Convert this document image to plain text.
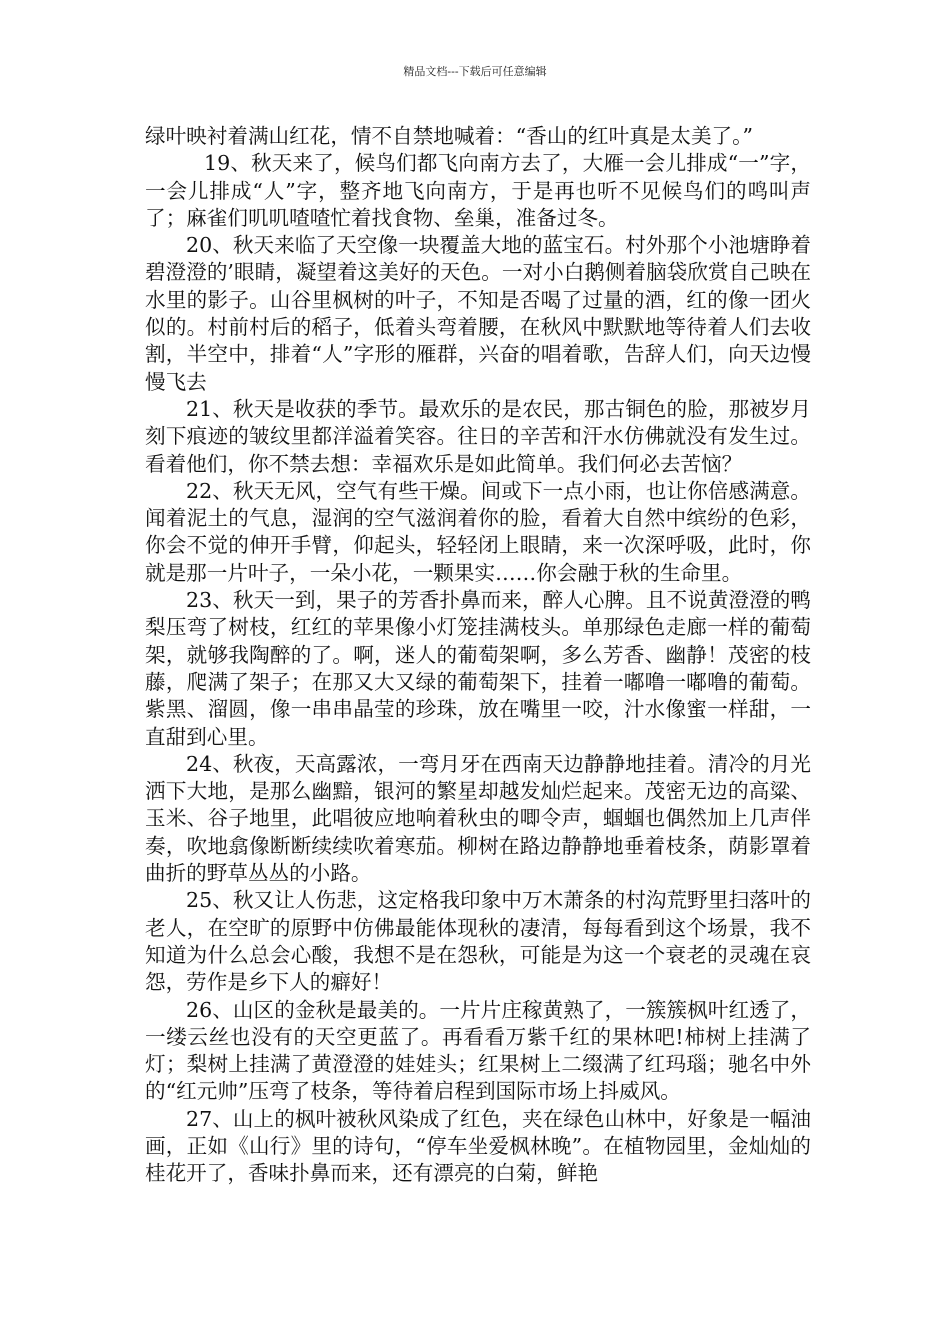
精品文档---下载后可任意编辑

绿叶映衬着满山红花，情不自禁地喊着：“香山的红叶真是太美了。”

19、秋天来了，候鸟们都飞向南方去了，大雁一会儿排成“一”字，一会儿排成“人”字，整齐地飞向南方，于是再也听不见候鸟们的鸣叫声了；麻雀们叽叽喳喳忙着找食物、垒巢，准备过冬。

20、秋天来临了天空像一块覆盖大地的蓝宝石。村外那个小池塘睁着碧澄澄的’眼睛，凝望着这美好的天色。一对小白鹅侧着脑袋欣赏自己映在水里的影子。山谷里枫树的叶子，不知是否喝了过量的酒，红的像一团火似的。村前村后的稻子，低着头弯着腰，在秋风中默默地等待着人们去收割，半空中，排着“人”字形的雁群，兴奋的唱着歌，告辞人们，向天边慢慢飞去

21、秋天是收获的季节。最欢乐的是农民，那古铜色的脸，那被岁月刻下痕迹的皱纹里都洋溢着笑容。往日的辛苦和汗水仿佛就没有发生过。看着他们，你不禁去想：幸福欢乐是如此简单。我们何必去苦恼？

22、秋天无风，空气有些干燥。间或下一点小雨，也让你倍感满意。闻着泥土的气息，湿润的空气滋润着你的脸，看着大自然中缤纷的色彩，你会不觉的伸开手臂，仰起头，轻轻闭上眼睛，来一次深呼吸，此时，你就是那一片叶子，一朵小花，一颗果实……你会融于秋的生命里。

23、秋天一到，果子的芳香扑鼻而来，醉人心脾。且不说黄澄澄的鸭梨压弯了树枝，红红的苹果像小灯笼挂满枝头。单那绿色走廊一样的葡萄架，就够我陶醉的了。啊，迷人的葡萄架啊，多么芳香、幽静！茂密的枝藤，爬满了架子；在那又大又绿的葡萄架下，挂着一嘟噜一嘟噜的葡萄。紫黑、溜圆，像一串串晶莹的珍珠，放在嘴里一咬，汁水像蜜一样甜，一直甜到心里。

24、秋夜，天高露浓，一弯月牙在西南天边静静地挂着。清冷的月光洒下大地，是那么幽黯，银河的繁星却越发灿烂起来。茂密无边的高粱、玉米、谷子地里，此唱彼应地响着秋虫的唧令声，蝈蝈也偶然加上几声伴奏，吹地翕像断断续续吹着寒茄。柳树在路边静静地垂着枝条，荫影罩着曲折的野草丛丛的小路。

25、秋又让人伤悲，这定格我印象中万木萧条的村沟荒野里扫落叶的老人，在空旷的原野中仿佛最能体现秋的凄清，每每看到这个场景，我不知道为什么总会心酸，我想不是在怨秋，可能是为这一个衰老的灵魂在哀怨，劳作是乡下人的癖好！

26、山区的金秋是最美的。一片片庄稼黄熟了，一簇簇枫叶红透了，一缕云丝也没有的天空更蓝了。再看看万紫千红的果林吧!柿树上挂满了灯；梨树上挂满了黄澄澄的娃娃头；红果树上二缀满了红玛瑙；驰名中外的“红元帅”压弯了枝条，等待着启程到国际市场上抖威风。

27、山上的枫叶被秋风染成了红色，夹在绿色山林中，好象是一幅油画，正如《山行》里的诗句，“停车坐爱枫林晚”。在植物园里，金灿灿的桂花开了，香味扑鼻而来，还有漂亮的白菊，鲜艳
